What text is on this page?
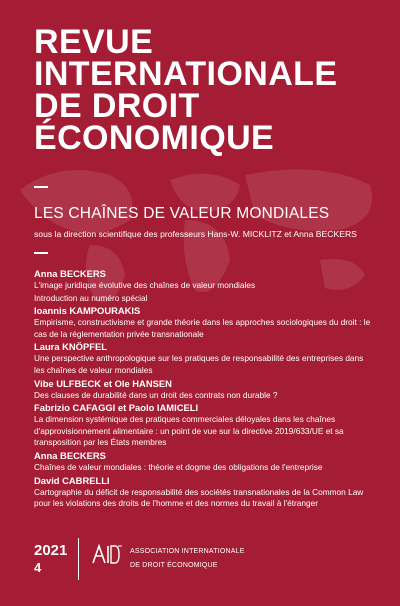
REVUE
INTERNATIONALE
DE DROIT
ÉCONOMIQUE
LES CHAÎNES DE VALEUR MONDIALES
sous la direction scientifique des professeurs Hans-W. MICKLITZ et Anna BECKERS
Anna BECKERS
L'image juridique évolutive des chaînes de valeur mondiales
Introduction au numéro spécial
Ioannis KAMPOURAKIS
Empirisme, constructivisme et grande théorie dans les approches sociologiques du droit : le cas de la réglementation privée transnationale
Laura KNÖPFEL
Une perspective anthropologique sur les pratiques de responsabilité des entreprises dans les chaînes de valeur mondiales
Vibe ULFBECK et Ole HANSEN
Des clauses de durabilité dans un droit des contrats non durable ?
Fabrizio CAFAGGI et Paolo IAMICELI
La dimension systémique des pratiques commerciales déloyales dans les chaînes d'approvisionnement alimentaire : un point de vue sur la directive 2019/633/UE et sa transposition par les États membres
Anna BECKERS
Chaînes de valeur mondiales : théorie et dogme des obligations de l'entreprise
David CABRELLI
Cartographie du déficit de responsabilité des sociétés transnationales de la Common Law pour les violations des droits de l'homme et des normes du travail à l'étranger
2021
4
ASSOCIATION INTERNATIONALE
DE DROIT ÉCONOMIQUE
